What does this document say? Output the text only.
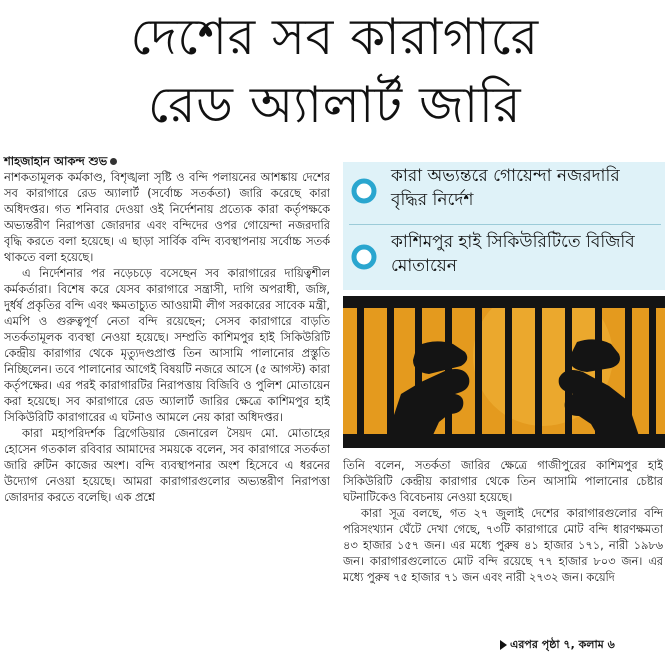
দেশের সব কারাগারে
রেড অ্যালার্ট জারি
শাহজাহান আকন্দ শুভ

নাশকতামূলক কর্মকাণ্ড, বিশৃঙ্খলা সৃষ্টি ও বন্দি পলায়নের আশঙ্কায় দেশের সব কারাগারে রেড অ্যালার্ট (সর্বোচ্চ সতর্কতা) জারি করেছে কারা অধিদপ্তর। গত শনিবার দেওয়া ওই নির্দেশনায় প্রত্যেক কারা কর্তৃপক্ষকে অভ্যন্তরীণ নিরাপত্তা জোরদার এবং বন্দিদের ওপর গোয়েন্দা নজরদারি বৃদ্ধি করতে বলা হয়েছে। এ ছাড়া সার্বিক বন্দি ব্যবস্থাপনায় সর্বোচ্চ সতর্ক থাকতে বলা হয়েছে।

এ নির্দেশনার পর নড়েচড়ে বসেছেন সব কারাগারের দায়িত্বশীল কর্মকর্তারা। বিশেষ করে যেসব কারাগারে সন্ত্রাসী, দাগি অপরাধী, জঙ্গি, দুর্ধর্ষ প্রকৃতির বন্দি এবং ক্ষমতাচ্যুত আওয়ামী লীগ সরকারের সাবেক মন্ত্রী, এমপি ও গুরুত্বপূর্ণ নেতা বন্দি রয়েছেন; সেসব কারাগারে বাড়তি সতর্কতামূলক ব্যবস্থা নেওয়া হয়েছে। সম্প্রতি কাশিমপুর হাই সিকিউরিটি কেন্দ্রীয় কারাগার থেকে মৃত্যুদণ্ডপ্রাপ্ত তিন আসামি পালানোর প্রস্তুতি নিচ্ছিলেন। তবে পালানোর আগেই বিষয়টি নজরে আসে (৫ আগস্ট) কারা কর্তৃপক্ষের। এর পরই কারাগারটির নিরাপত্তায় বিজিবি ও পুলিশ মোতায়েন করা হয়েছে। সব কারাগারে রেড অ্যালার্ট জারির ক্ষেত্রে কাশিমপুর হাই সিকিউরিটি কারাগারের এ ঘটনাও আমলে নেয় কারা অধিদপ্তর।

কারা মহাপরিদর্শক ব্রিগেডিয়ার জেনারেল সৈয়দ মো. মোতাহের হোসেন গতকাল রবিবার আমাদের সময়কে বলেন, সব কারাগারে সতর্কতা জারি রুটিন কাজের অংশ। বন্দি ব্যবস্থাপনার অংশ হিসেবে এ ধরনের উদ্যোগ নেওয়া হয়েছে। আমরা কারাগারগুলোর অভ্যন্তরীণ নিরাপত্তা জোরদার করতে বলেছি। এক প্রশ্নে

কারা অভ্যন্তরে গোয়েন্দা নজরদারি বৃদ্ধির নির্দেশ
কাশিমপুর হাই সিকিউরিটিতে বিজিবি মোতায়েন

তিনি বলেন, সতর্কতা জারির ক্ষেত্রে গাজীপুরের কাশিমপুর হাই সিকিউরিটি কেন্দ্রীয় কারাগার থেকে তিন আসামি পালানোর চেষ্টার ঘটনাটিকেও বিবেচনায় নেওয়া হয়েছে।

কারা সূত্র বলছে, গত ২৭ জুলাই দেশের কারাগারগুলোর বন্দি পরিসংখ্যান ঘেঁটে দেখা গেছে, ৭৩টি কারাগারে মোট বন্দি ধারণক্ষমতা ৪৩ হাজার ১৫৭ জন। এর মধ্যে পুরুষ ৪১ হাজার ১৭১, নারী ১৯৮৬ জন। কারাগারগুলোতে মোট বন্দি রয়েছে ৭৭ হাজার ৮০৩ জন। এর মধ্যে পুরুষ ৭৫ হাজার ৭১ জন এবং নারী ২৭৩২ জন। কয়েদি

এরপর পৃষ্ঠা ৭, কলাম ৬
